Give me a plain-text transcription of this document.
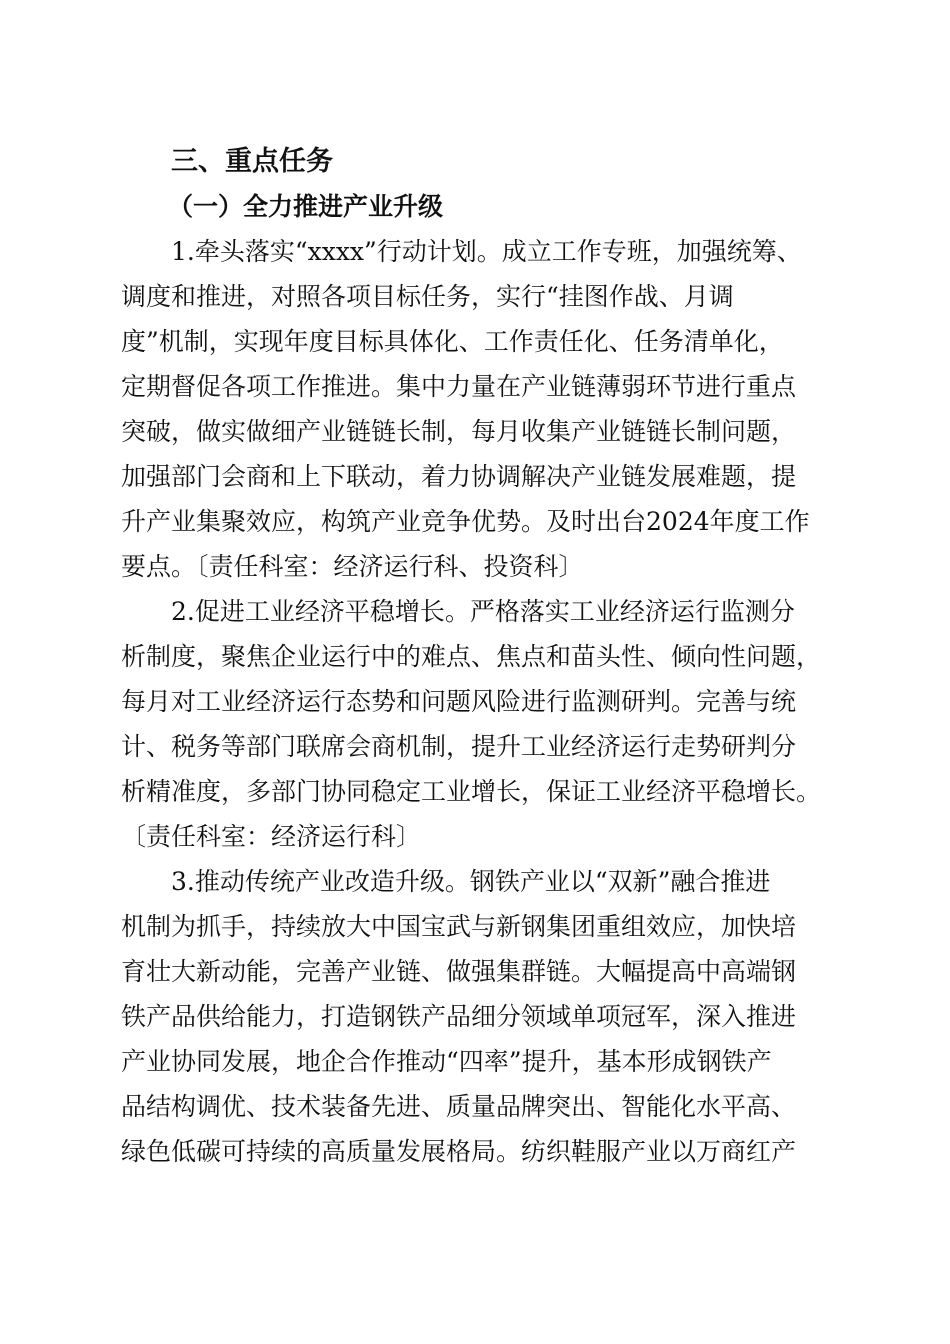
三、重点任务
（一）全力推进产业升级
1.牵头落实“xxxx”行动计划。成立工作专班，加强统筹、
调度和推进，对照各项目标任务，实行“挂图作战、月调
度”机制，实现年度目标具体化、工作责任化、任务清单化，
定期督促各项工作推进。集中力量在产业链薄弱环节进行重点
突破，做实做细产业链链长制，每月收集产业链链长制问题，
加强部门会商和上下联动，着力协调解决产业链发展难题，提
升产业集聚效应，构筑产业竞争优势。及时出台2024年度工作
要点。〔责任科室：经济运行科、投资科〕
2.促进工业经济平稳增长。严格落实工业经济运行监测分
析制度，聚焦企业运行中的难点、焦点和苗头性、倾向性问题，
每月对工业经济运行态势和问题风险进行监测研判。完善与统
计、税务等部门联席会商机制，提升工业经济运行走势研判分
析精准度，多部门协同稳定工业增长，保证工业经济平稳增长。
〔责任科室：经济运行科〕
3.推动传统产业改造升级。钢铁产业以“双新”融合推进
机制为抓手，持续放大中国宝武与新钢集团重组效应，加快培
育壮大新动能，完善产业链、做强集群链。大幅提高中高端钢
铁产品供给能力，打造钢铁产品细分领域单项冠军，深入推进
产业协同发展，地企合作推动“四率”提升，基本形成钢铁产
品结构调优、技术装备先进、质量品牌突出、智能化水平高、
绿色低碳可持续的高质量发展格局。纺织鞋服产业以万商红产
